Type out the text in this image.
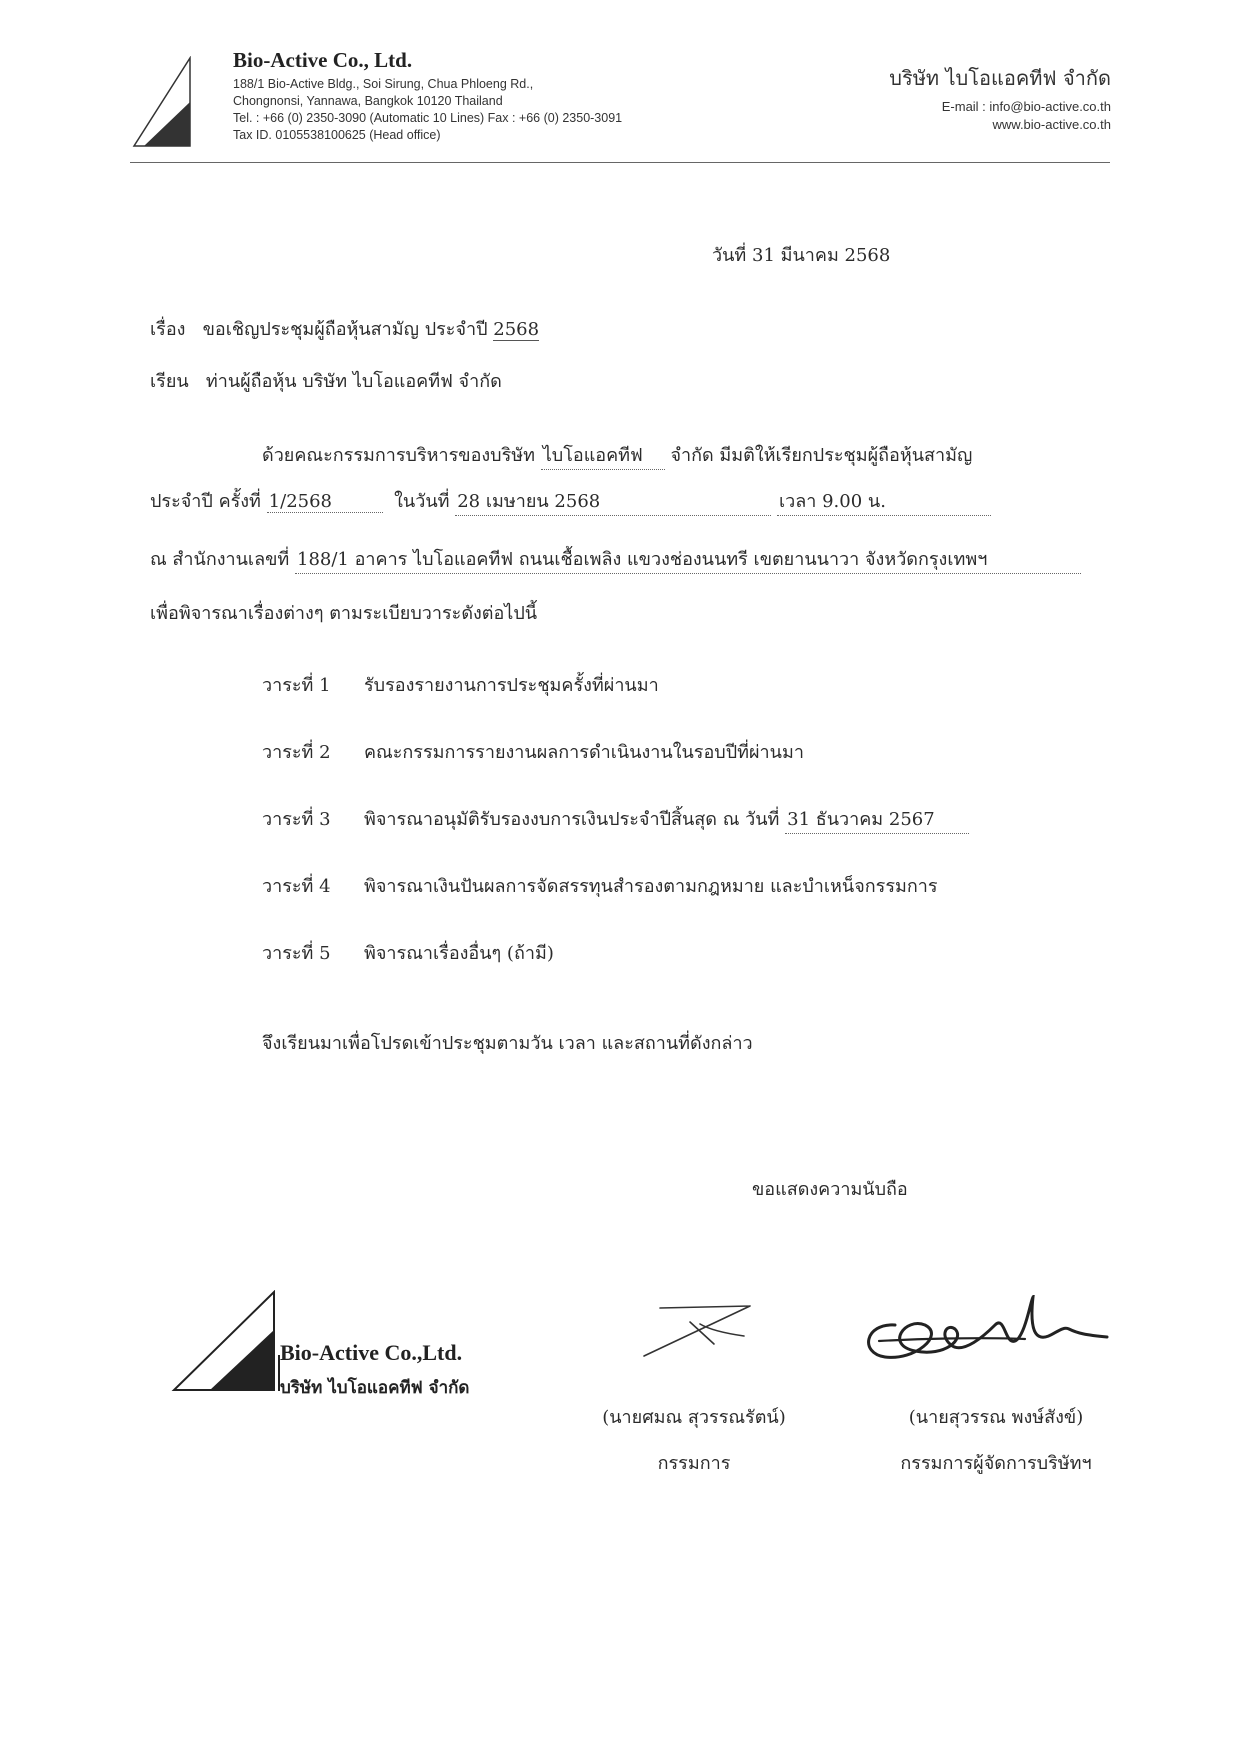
Bio-Active Co., Ltd.
188/1 Bio-Active Bldg., Soi Sirung, Chua Phloeng Rd.,
Chongnonsi, Yannawa, Bangkok 10120 Thailand
Tel. : +66 (0) 2350-3090 (Automatic 10 Lines) Fax : +66 (0) 2350-3091
Tax ID. 0105538100625 (Head office)
บริษัท ไบโอแอคทีฟ จำกัด
E-mail : info@bio-active.co.th
www.bio-active.co.th
วันที่ 31 มีนาคม 2568
เรื่อง ขอเชิญประชุมผู้ถือหุ้นสามัญ ประจำปี 2568
เรียน ท่านผู้ถือหุ้น บริษัท ไบโอแอคทีฟ จำกัด
ด้วยคณะกรรมการบริหารของบริษัท ไบโอแอคทีฟ จำกัด มีมติให้เรียกประชุมผู้ถือหุ้นสามัญ
ประจำปี ครั้งที่ 1/2568	ในวันที่ 28 เมษายน 2568	เวลา 9.00 น.
ณ สำนักงานเลขที่ 188/1 อาคาร ไบโอแอคทีฟ ถนนเชื้อเพลิง แขวงช่องนนทรี เขตยานนาวา จังหวัดกรุงเทพฯ
เพื่อพิจารณาเรื่องต่างๆ ตามระเบียบวาระดังต่อไปนี้
วาระที่ 1 รับรองรายงานการประชุมครั้งที่ผ่านมา
วาระที่ 2 คณะกรรมการรายงานผลการดำเนินงานในรอบปีที่ผ่านมา
วาระที่ 3 พิจารณาอนุมัติรับรองงบการเงินประจำปีสิ้นสุด ณ วันที่ 31 ธันวาคม 2567
วาระที่ 4 พิจารณาเงินปันผลการจัดสรรทุนสำรองตามกฎหมาย และบำเหน็จกรรมการ
วาระที่ 5 พิจารณาเรื่องอื่นๆ (ถ้ามี)
จึงเรียนมาเพื่อโปรดเข้าประชุมตามวัน เวลา และสถานที่ดังกล่าว
ขอแสดงความนับถือ
Bio-Active Co.,Ltd.
บริษัท ไบโอแอคทีฟ จำกัด
(นายศมณ สุวรรณรัตน์)
กรรมการ
(นายสุวรรณ พงษ์สังข์)
กรรมการผู้จัดการบริษัทฯ
